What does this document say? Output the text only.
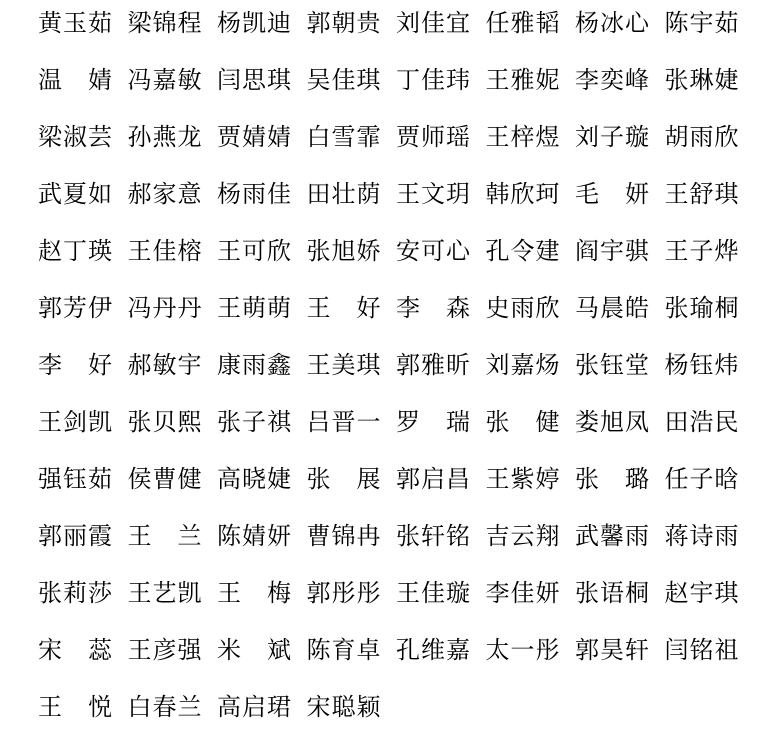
黄玉茹 梁锦程 杨凯迪 郭朝贵 刘佳宜 任雅韬 杨冰心 陈宇茹
温　婧 冯嘉敏 闫思琪 吴佳琪 丁佳玮 王雅妮 李奕峰 张琳婕
梁淑芸 孙燕龙 贾婧婧 白雪霏 贾师瑶 王梓煜 刘子璇 胡雨欣
武夏如 郝家意 杨雨佳 田壮荫 王文玥 韩欣珂 毛　妍 王舒琪
赵丁瑛 王佳榕 王可欣 张旭娇 安可心 孔令建 阎宇骐 王子烨
郭芳伊 冯丹丹 王萌萌 王　好 李　森 史雨欣 马晨皓 张瑜桐
李　好 郝敏宇 康雨鑫 王美琪 郭雅昕 刘嘉炀 张钰堂 杨钰炜
王剑凯 张贝熙 张子祺 吕晋一 罗　瑞 张　健 娄旭凤 田浩民
强钰茹 侯曹健 高晓婕 张　展 郭启昌 王紫婷 张　璐 任子晗
郭丽霞 王　兰 陈婧妍 曹锦冉 张轩铭 吉云翔 武馨雨 蒋诗雨
张莉莎 王艺凯 王　梅 郭彤彤 王佳璇 李佳妍 张语桐 赵宇琪
宋　蕊 王彦强 米　斌 陈育卓 孔维嘉 太一彤 郭昊轩 闫铭祖
王　悦 白春兰 高启珺 宋聪颖
